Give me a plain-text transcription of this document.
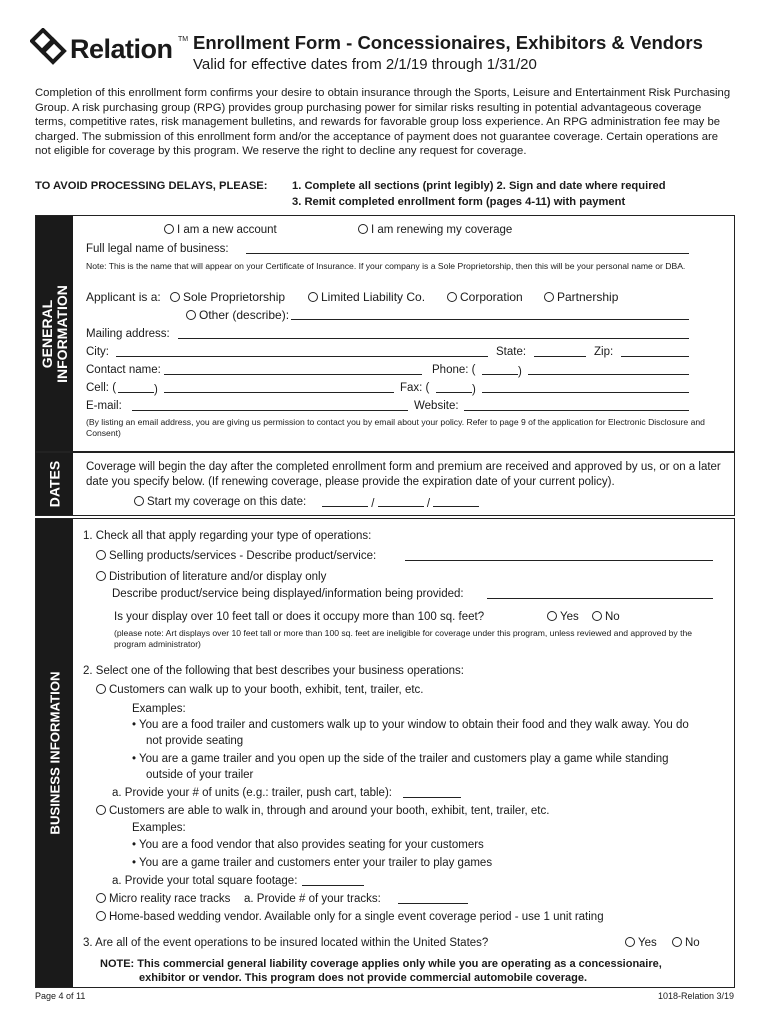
Relation TM Enrollment Form - Concessionaires, Exhibitors & Vendors
Valid for effective dates from 2/1/19 through 1/31/20
Completion of this enrollment form confirms your desire to obtain insurance through the Sports, Leisure and Entertainment Risk Purchasing Group. A risk purchasing group (RPG) provides group purchasing power for similar risks resulting in potential advantageous coverage terms, competitive rates, risk management bulletins, and rewards for favorable group loss experience. An RPG administration fee may be charged. The submission of this enrollment form and/or the acceptance of payment does not guarantee coverage. Certain operations are not eligible for coverage by this program. We reserve the right to decline any request for coverage.
TO AVOID PROCESSING DELAYS, PLEASE: 1. Complete all sections (print legibly) 2. Sign and date where required
3. Remit completed enrollment form (pages 4-11) with payment
GENERAL
INFORMATION
I am a new account	I am renewing my coverage
Full legal name of business:
Note: This is the name that will appear on your Certificate of Insurance. If your company is a Sole Proprietorship, then this will be your personal name or DBA.
Applicant is a:	Sole Proprietorship	Limited Liability Co.	Corporation	Partnership
Other (describe):
Mailing address:
City:	State:	Zip:
Contact name:	Phone: (	)
Cell: (	)	Fax: (	)
E-mail:	Website:
(By listing an email address, you are giving us permission to contact you by email about your policy. Refer to page 9 of the application for Electronic Disclosure and Consent)
DATES Coverage will begin the day after the completed enrollment form and premium are received and approved by us, or on a later date you specify below. (If renewing coverage, please provide the expiration date of your current policy).
Start my coverage on this date:	/	/
BUSINESS INFORMATION
1. Check all that apply regarding your type of operations:
Selling products/services - Describe product/service:
Distribution of literature and/or display only
Describe product/service being displayed/information being provided:
Is your display over 10 feet tall or does it occupy more than 100 sq. feet?	Yes	No
(please note: Art displays over 10 feet tall or more than 100 sq. feet are ineligible for coverage under this program, unless reviewed and approved by the program administrator)
2. Select one of the following that best describes your business operations:
Customers can walk up to your booth, exhibit, tent, trailer, etc.
Examples:
• You are a food trailer and customers walk up to your window to obtain their food and they walk away. You do
not provide seating
• You are a game trailer and you open up the side of the trailer and customers play a game while standing
outside of your trailer
a. Provide your # of units (e.g.: trailer, push cart, table):
Customers are able to walk in, through and around your booth, exhibit, tent, trailer, etc.
Examples:
• You are a food vendor that also provides seating for your customers
• You are a game trailer and customers enter your trailer to play games
a. Provide your total square footage:
Micro reality race tracks a. Provide # of your tracks:
Home-based wedding vendor. Available only for a single event coverage period - use 1 unit rating
3. Are all of the event operations to be insured located within the United States?	Yes	No
NOTE: This commercial general liability coverage applies only while you are operating as a concessionaire,
exhibitor or vendor. This program does not provide commercial automobile coverage.
Page 4 of 11	1018-Relation 3/19
